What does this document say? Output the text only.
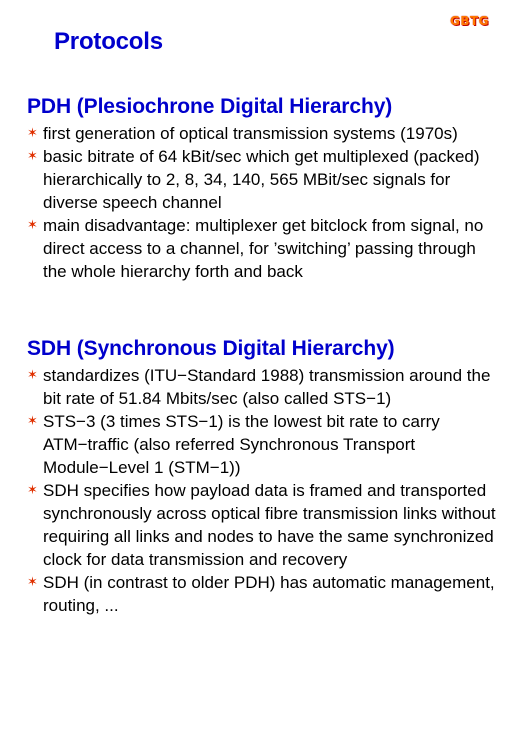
GBTG
Protocols
PDH (Plesiochrone Digital Hierarchy)
✶ first generation of optical transmission systems (1970s)
✶ basic bitrate of 64 kBit/sec which get multiplexed (packed) hierarchically to 2, 8, 34, 140, 565 MBit/sec signals for diverse speech channel
✶ main disadvantage: multiplexer get bitclock from signal, no direct access to a channel, for ’switching’ passing through the whole hierarchy forth and back
SDH (Synchronous Digital Hierarchy)
✶ standardizes (ITU−Standard 1988) transmission around the bit rate of 51.84 Mbits/sec (also called STS−1)
✶ STS−3 (3 times STS−1) is the lowest bit rate to carry ATM−traffic (also referred Synchronous Transport Module−Level 1 (STM−1))
✶ SDH specifies how payload data is framed and transported synchronously across optical fibre transmission links without requiring all links and nodes to have the same synchronized clock for data transmission and recovery
✶ SDH (in contrast to older PDH) has automatic management, routing, ...
